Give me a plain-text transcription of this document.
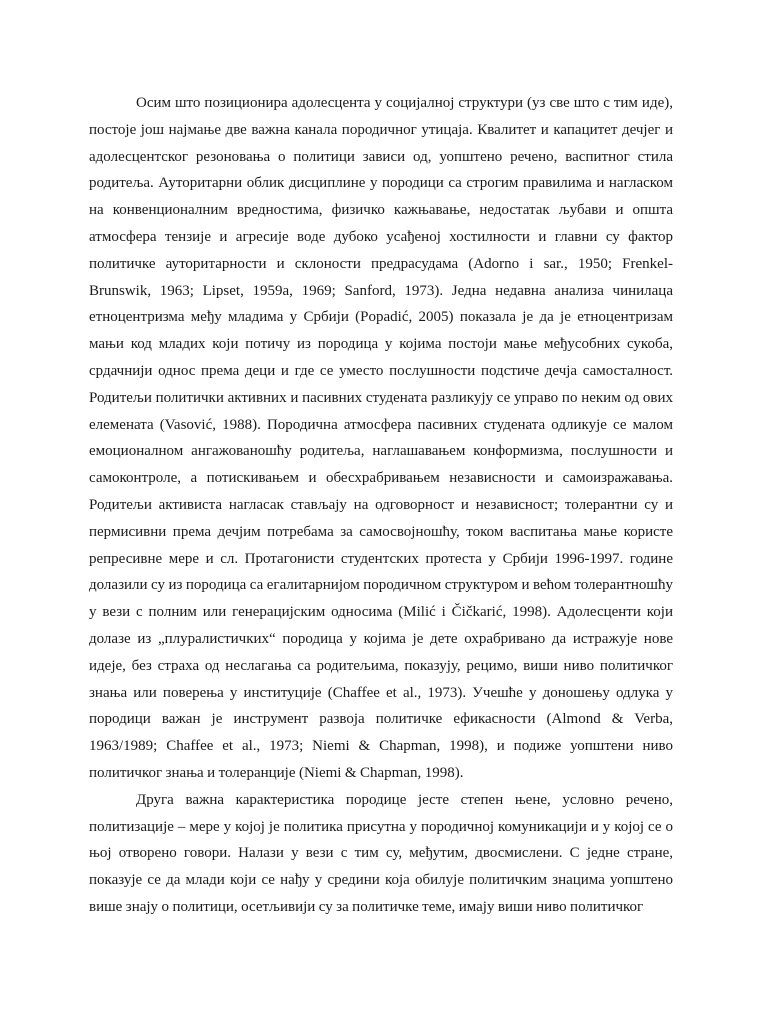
Осим што позиционира адолесцента у социјалној структури (уз све што с тим иде), постоје још најмање две важна канала породичног утицаја. Квалитет и капацитет дечјег и адолесцентског резоновања о политици зависи од, уопштено речено, васпитног стила родитеља. Ауторитарни облик дисциплине у породици са строгим правилима и нагласком на конвенционалним вредностима, физичко кажњавање, недостатак љубави и општа атмосфера тензије и агресије воде дубоко усађеној хостилности и главни су фактор политичке ауторитарности и склоности предрасудама (Adorno i sar., 1950; Frenkel-Brunswik, 1963; Lipset, 1959a, 1969; Sanford, 1973). Једна недавна анализа чинилаца етноцентризма међу младима у Србији (Popadić, 2005) показала је да је етноцентризам мањи код младих који потичу из породица у којима постоји мање међусобних сукоба, срдачнији однос према деци и где се уместо послушности подстиче дечја самосталност. Родитељи политички активних и пасивних студената разликују се управо по неким од ових елемената (Vasović, 1988). Породична атмосфера пасивних студената одликује се малом емоционалном ангажованошћу родитеља, наглашавањем конформизма, послушности и самоконтроле, а потискивањем и обесхрабривањем независности и самоизражавања. Родитељи активиста нагласак стављају на одговорност и независност; толерантни су и пермисивни према дечјим потребама за самосвојношћу, током васпитања мање користе репресивне мере и сл. Протагонисти студентских протеста у Србији 1996-1997. године долазили су из породица са егалитарнијом породичном структуром и већом толерантношћу у вези с полним или генерацијским односима (Milić i Čičkarić, 1998). Адолесценти који долазе из „плуралистичких“ породица у којима је дете охрабривано да истражује нове идеје, без страха од неслагања са родитељима, показују, рецимо, виши ниво политичког знања или поверења у институције (Chaffee et al., 1973). Учешће у доношењу одлука у породици важан је инструмент развоја политичке ефикасности (Almond & Verba, 1963/1989; Chaffee et al., 1973; Niemi & Chapman, 1998), и подиже уопштени ниво политичког знања и толеранције (Niemi & Chapman, 1998).

Друга важна карактеристика породице јесте степен њене, условно речено, политизације – мере у којој је политика присутна у породичној комуникацији и у којој се о њој отворено говори. Налази у вези с тим су, међутим, двосмислени. С једне стране, показује се да млади који се нађу у средини која обилује политичким знацима уопштено више знају о политици, осетљивији су за политичке теме, имају виши ниво политичког
